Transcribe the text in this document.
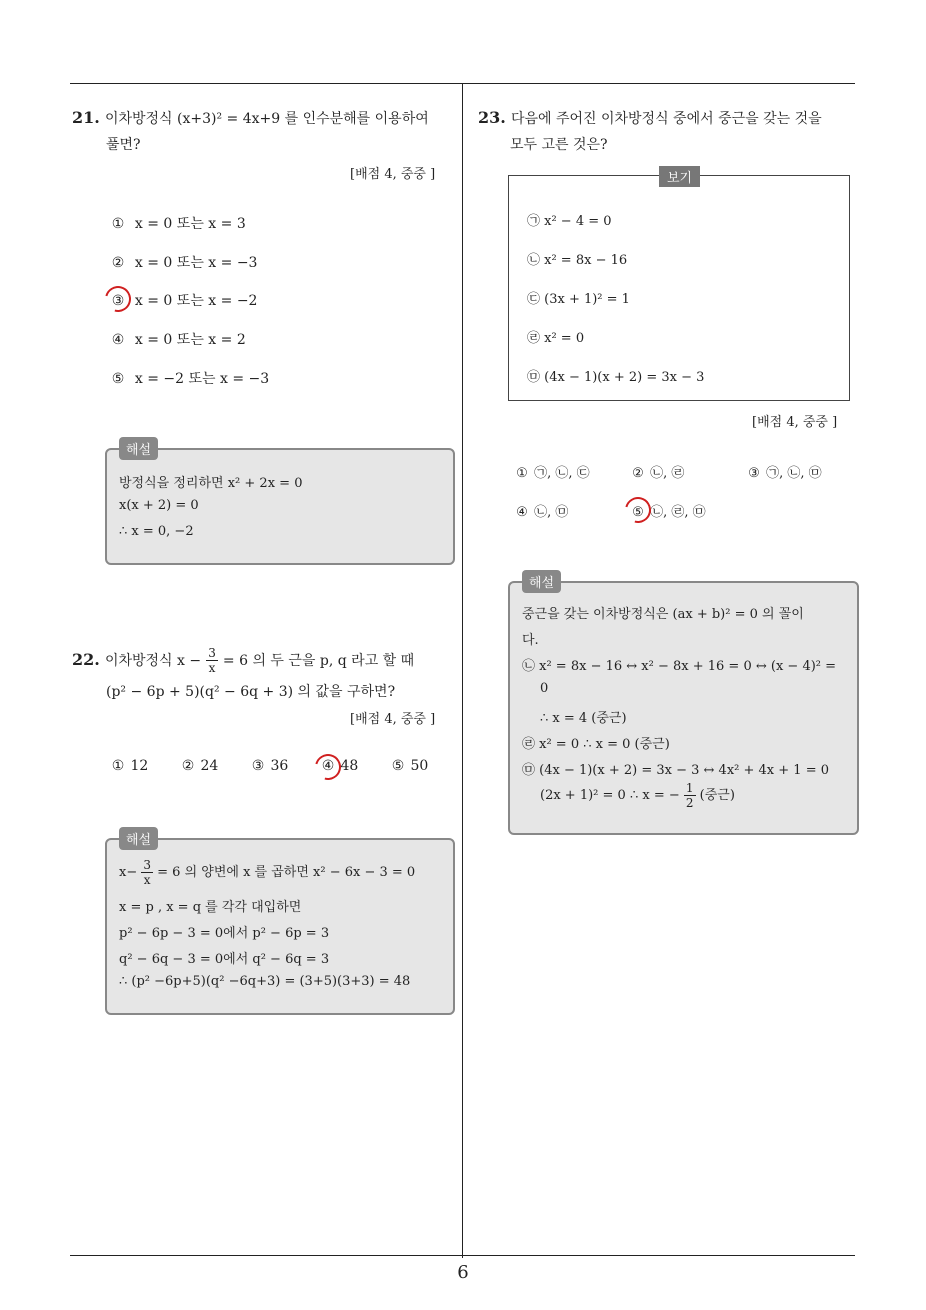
21. 이차방정식 (x+3)² = 4x+9 를 인수분해를 이용하여
풀면?
[배점 4, 중중 ]
① x = 0 또는 x = 3
② x = 0 또는 x = −3
③ x = 0 또는 x = −2
④ x = 0 또는 x = 2
⑤ x = −2 또는 x = −3
해설
방정식을 정리하면 x² + 2x = 0
x(x + 2) = 0
∴ x = 0, −2
22. 이차방정식 $x - \frac{3}{x} = 6$ 의 두 근을 p, q 라고 할 때
(p² − 6p + 5)(q² − 6q + 3) 의 값을 구하면?
[배점 4, 중중 ]
① 12 ② 24 ③ 36 ④ 48 ⑤ 50
해설
$x- \frac{3}{x} = 6$ 의 양변에 x 를 곱하면 x² − 6x − 3 = 0
x = p , x = q 를 각각 대입하면
p² − 6p − 3 = 0에서 p² − 6p = 3
q² − 6q − 3 = 0에서 q² − 6q = 3
∴ (p² −6p+5)(q² −6q+3) = (3+5)(3+3) = 48
23. 다음에 주어진 이차방정식 중에서 중근을 갖는 것을
모두 고른 것은?
보기
㉠ x² − 4 = 0
㉡ x² = 8x − 16
㉢ (3x + 1)² = 1
㉣ x² = 0
㉤ (4x − 1)(x + 2) = 3x − 3
[배점 4, 중중 ]
① ㉠, ㉡, ㉢	② ㉡, ㉣	③ ㉠, ㉡, ㉤
④ ㉡, ㉤	⑤ ㉡, ㉣, ㉤
해설
중근을 갖는 이차방정식은 (ax + b)² = 0 의 꼴이
다.
㉡ x² = 8x − 16 ↔ x² − 8x + 16 = 0 ↔ (x − 4)² =
0
∴ x = 4 (중근)
㉣ x² = 0 ∴ x = 0 (중근)
㉤ (4x − 1)(x + 2) = 3x − 3 ↔ 4x² + 4x + 1 = 0
(2x + 1)² = 0 ∴ x = − $\frac{1}{2}$ (중근)
6
